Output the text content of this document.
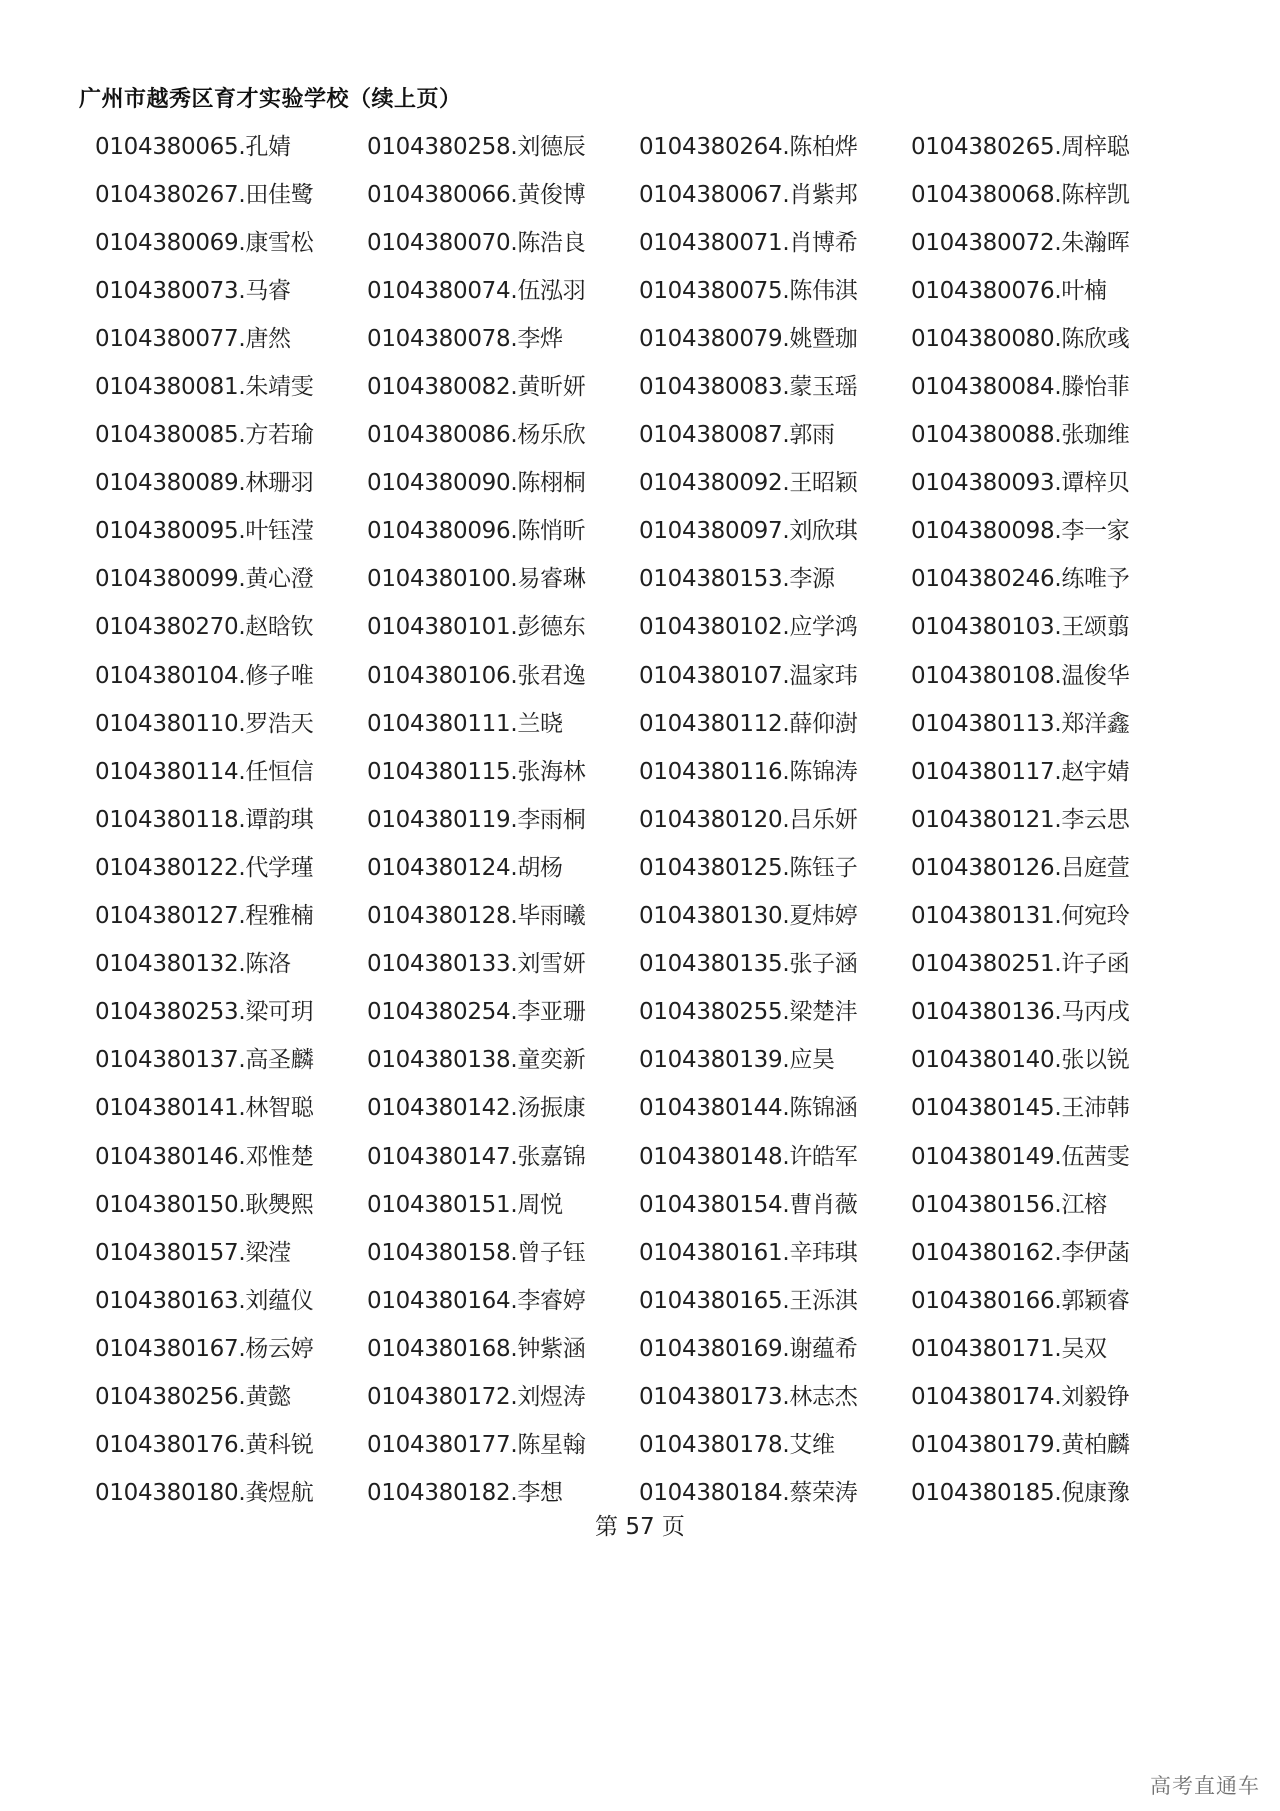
广州市越秀区育才实验学校（续上页）
0104380065.孔婧	0104380258.刘德辰	0104380264.陈柏烨	0104380265.周梓聪
0104380267.田佳鹭	0104380066.黄俊博	0104380067.肖紫邦	0104380068.陈梓凯
0104380069.康雪松	0104380070.陈浩良	0104380071.肖博希	0104380072.朱瀚晖
0104380073.马睿	0104380074.伍泓羽	0104380075.陈伟淇	0104380076.叶楠
0104380077.唐然	0104380078.李烨	0104380079.姚暨珈	0104380080.陈欣彧
0104380081.朱靖雯	0104380082.黄昕妍	0104380083.蒙玉瑶	0104380084.滕怡菲
0104380085.方若瑜	0104380086.杨乐欣	0104380087.郭雨	0104380088.张珈维
0104380089.林珊羽	0104380090.陈栩桐	0104380092.王昭颖	0104380093.谭梓贝
0104380095.叶钰滢	0104380096.陈悄昕	0104380097.刘欣琪	0104380098.李一家
0104380099.黄心澄	0104380100.易睿琳	0104380153.李源	0104380246.练唯予
0104380270.赵晗钦	0104380101.彭德东	0104380102.应学鸿	0104380103.王颂翦
0104380104.修子唯	0104380106.张君逸	0104380107.温家玮	0104380108.温俊华
0104380110.罗浩天	0104380111.兰晓	0104380112.薛仰澍	0104380113.郑洋鑫
0104380114.任恒信	0104380115.张海林	0104380116.陈锦涛	0104380117.赵宇婧
0104380118.谭韵琪	0104380119.李雨桐	0104380120.吕乐妍	0104380121.李云思
0104380122.代学瑾	0104380124.胡杨	0104380125.陈钰子	0104380126.吕庭萱
0104380127.程雅楠	0104380128.毕雨曦	0104380130.夏炜婷	0104380131.何宛玲
0104380132.陈洛	0104380133.刘雪妍	0104380135.张子涵	0104380251.许子函
0104380253.梁可玥	0104380254.李亚珊	0104380255.梁楚沣	0104380136.马丙戌
0104380137.高圣麟	0104380138.童奕新	0104380139.应昊	0104380140.张以锐
0104380141.林智聪	0104380142.汤振康	0104380144.陈锦涵	0104380145.王沛韩
0104380146.邓惟楚	0104380147.张嘉锦	0104380148.许皓军	0104380149.伍茜雯
0104380150.耿爂熙	0104380151.周悦	0104380154.曹肖薇	0104380156.江榕
0104380157.梁滢	0104380158.曾子钰	0104380161.辛玮琪	0104380162.李伊菡
0104380163.刘蕴仪	0104380164.李睿婷	0104380165.王泺淇	0104380166.郭颖睿
0104380167.杨云婷	0104380168.钟紫涵	0104380169.谢蕴希	0104380171.吴双
0104380256.黄懿	0104380172.刘煜涛	0104380173.林志杰	0104380174.刘毅铮
0104380176.黄科锐	0104380177.陈星翰	0104380178.艾维	0104380179.黄柏麟
0104380180.龚煜航	0104380182.李想	0104380184.蔡荣涛	0104380185.倪康豫
第 57 页
高考直通车
